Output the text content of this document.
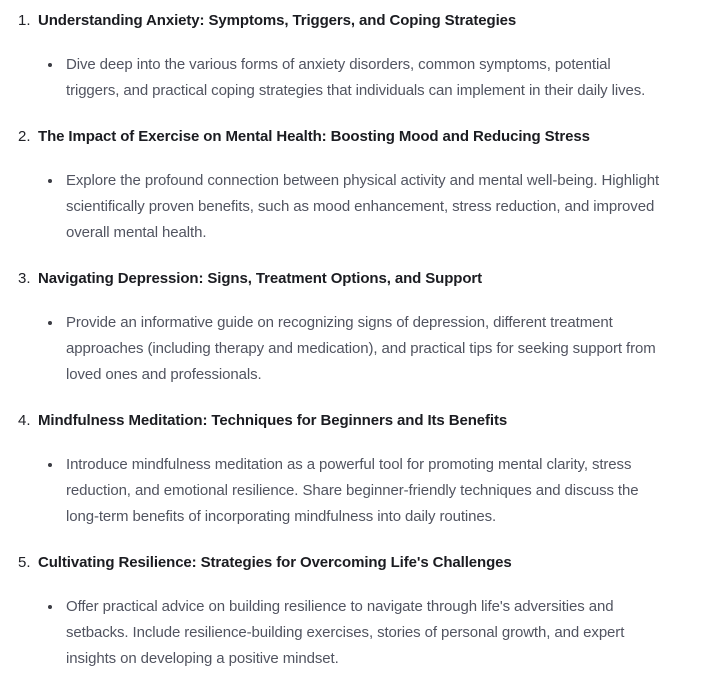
1. Understanding Anxiety: Symptoms, Triggers, and Coping Strategies
Dive deep into the various forms of anxiety disorders, common symptoms, potential
triggers, and practical coping strategies that individuals can implement in their daily lives.
2. The Impact of Exercise on Mental Health: Boosting Mood and Reducing Stress
Explore the profound connection between physical activity and mental well-being. Highlight
scientifically proven benefits, such as mood enhancement, stress reduction, and improved
overall mental health.
3. Navigating Depression: Signs, Treatment Options, and Support
Provide an informative guide on recognizing signs of depression, different treatment
approaches (including therapy and medication), and practical tips for seeking support from
loved ones and professionals.
4. Mindfulness Meditation: Techniques for Beginners and Its Benefits
Introduce mindfulness meditation as a powerful tool for promoting mental clarity, stress
reduction, and emotional resilience. Share beginner-friendly techniques and discuss the
long-term benefits of incorporating mindfulness into daily routines.
5. Cultivating Resilience: Strategies for Overcoming Life's Challenges
Offer practical advice on building resilience to navigate through life's adversities and
setbacks. Include resilience-building exercises, stories of personal growth, and expert
insights on developing a positive mindset.
